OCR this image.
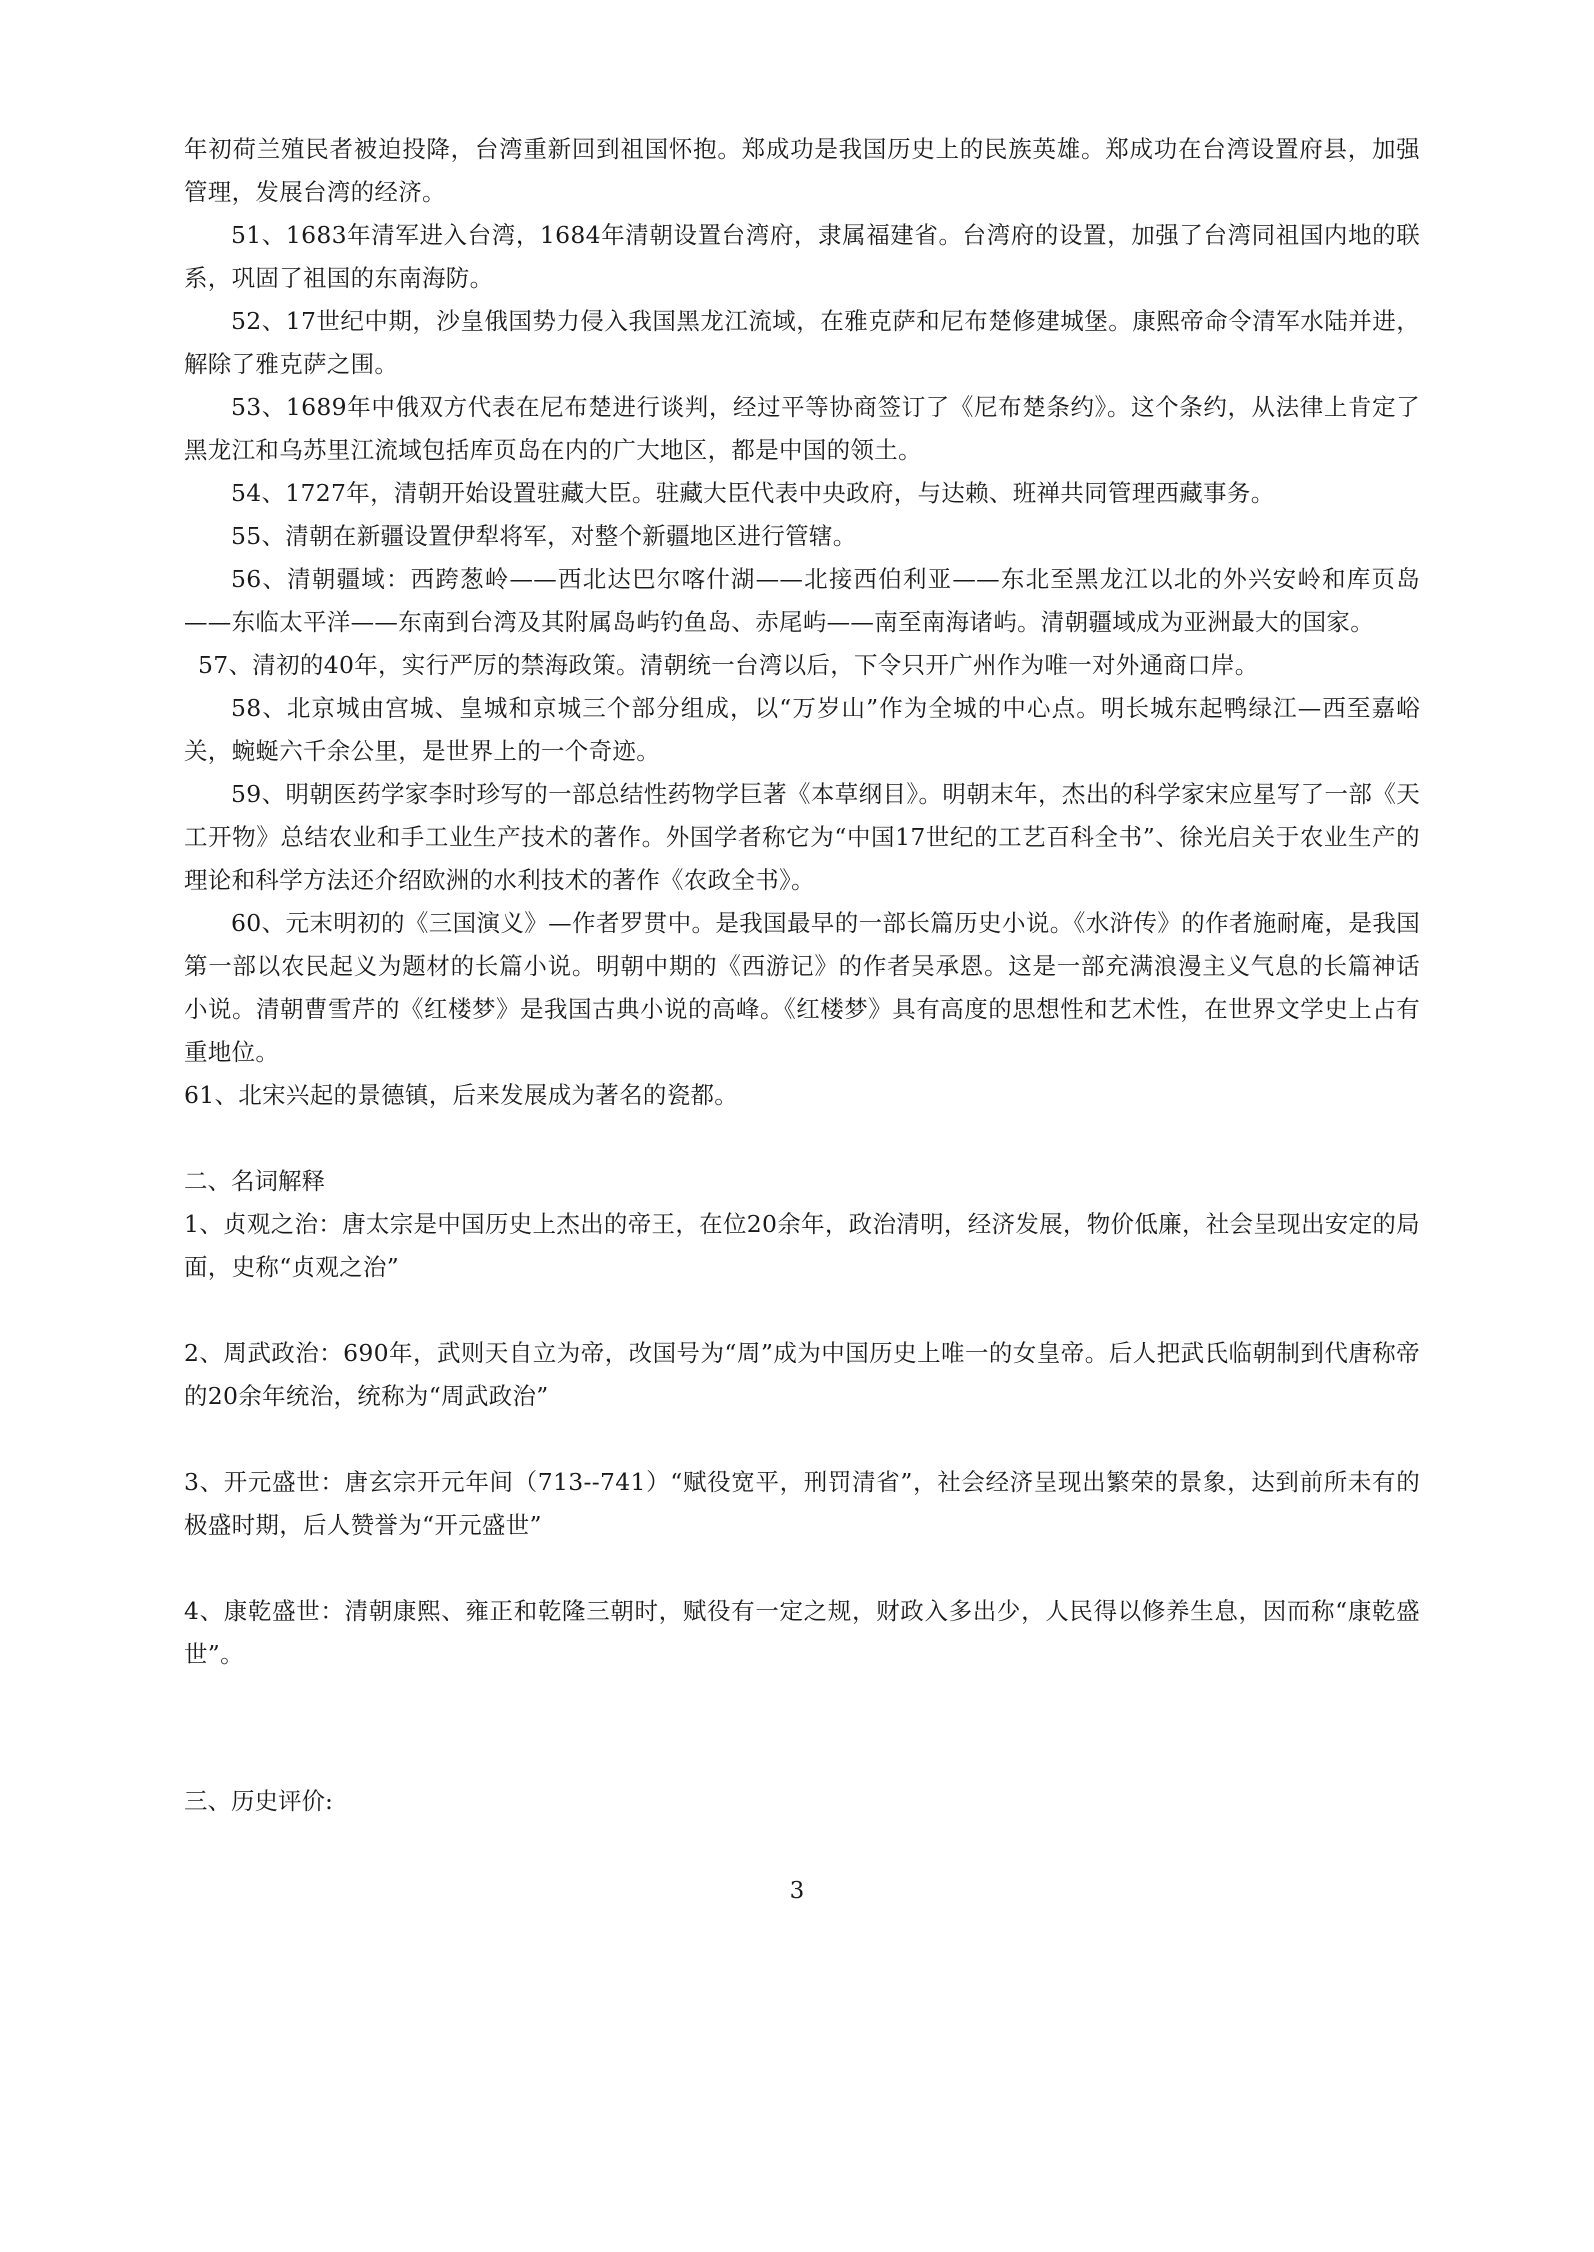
年初荷兰殖民者被迫投降，台湾重新回到祖国怀抱。郑成功是我国历史上的民族英雄。郑成功在台湾设置府县，加强管理，发展台湾的经济。

51、1683年清军进入台湾，1684年清朝设置台湾府，隶属福建省。台湾府的设置，加强了台湾同祖国内地的联系，巩固了祖国的东南海防。

52、17世纪中期，沙皇俄国势力侵入我国黑龙江流域，在雅克萨和尼布楚修建城堡。康熙帝命令清军水陆并进，解除了雅克萨之围。

53、1689年中俄双方代表在尼布楚进行谈判，经过平等协商签订了《尼布楚条约》。这个条约，从法律上肯定了黑龙江和乌苏里江流域包括库页岛在内的广大地区，都是中国的领土。

54、1727年，清朝开始设置驻藏大臣。驻藏大臣代表中央政府，与达赖、班禅共同管理西藏事务。

55、清朝在新疆设置伊犁将军，对整个新疆地区进行管辖。

56、清朝疆域：西跨葱岭——西北达巴尔喀什湖——北接西伯利亚——东北至黑龙江以北的外兴安岭和库页岛——东临太平洋——东南到台湾及其附属岛屿钓鱼岛、赤尾屿——南至南海诸屿。清朝疆域成为亚洲最大的国家。

57、清初的40年，实行严厉的禁海政策。清朝统一台湾以后，下令只开广州作为唯一对外通商口岸。

58、北京城由宫城、皇城和京城三个部分组成，以“万岁山”作为全城的中心点。明长城东起鸭绿江—西至嘉峪关，蜿蜒六千余公里，是世界上的一个奇迹。

59、明朝医药学家李时珍写的一部总结性药物学巨著《本草纲目》。明朝末年，杰出的科学家宋应星写了一部《天工开物》总结农业和手工业生产技术的著作。外国学者称它为“中国17世纪的工艺百科全书”、徐光启关于农业生产的理论和科学方法还介绍欧洲的水利技术的著作《农政全书》。

60、元末明初的《三国演义》—作者罗贯中。是我国最早的一部长篇历史小说。《水浒传》的作者施耐庵，是我国第一部以农民起义为题材的长篇小说。明朝中期的《西游记》的作者吴承恩。这是一部充满浪漫主义气息的长篇神话小说。清朝曹雪芹的《红楼梦》是我国古典小说的高峰。《红楼梦》具有高度的思想性和艺术性，在世界文学史上占有重地位。

61、北宋兴起的景德镇，后来发展成为著名的瓷都。

二、名词解释

1、贞观之治：唐太宗是中国历史上杰出的帝王，在位20余年，政治清明，经济发展，物价低廉，社会呈现出安定的局面，史称“贞观之治”

2、周武政治：690年，武则天自立为帝，改国号为“周”成为中国历史上唯一的女皇帝。后人把武氏临朝制到代唐称帝的20余年统治，统称为“周武政治”

3、开元盛世：唐玄宗开元年间（713--741）“赋役宽平，刑罚清省”，社会经济呈现出繁荣的景象，达到前所未有的极盛时期，后人赞誉为“开元盛世”

4、康乾盛世：清朝康熙、雍正和乾隆三朝时，赋役有一定之规，财政入多出少，人民得以修养生息，因而称“康乾盛世”。

三、历史评价:

3
